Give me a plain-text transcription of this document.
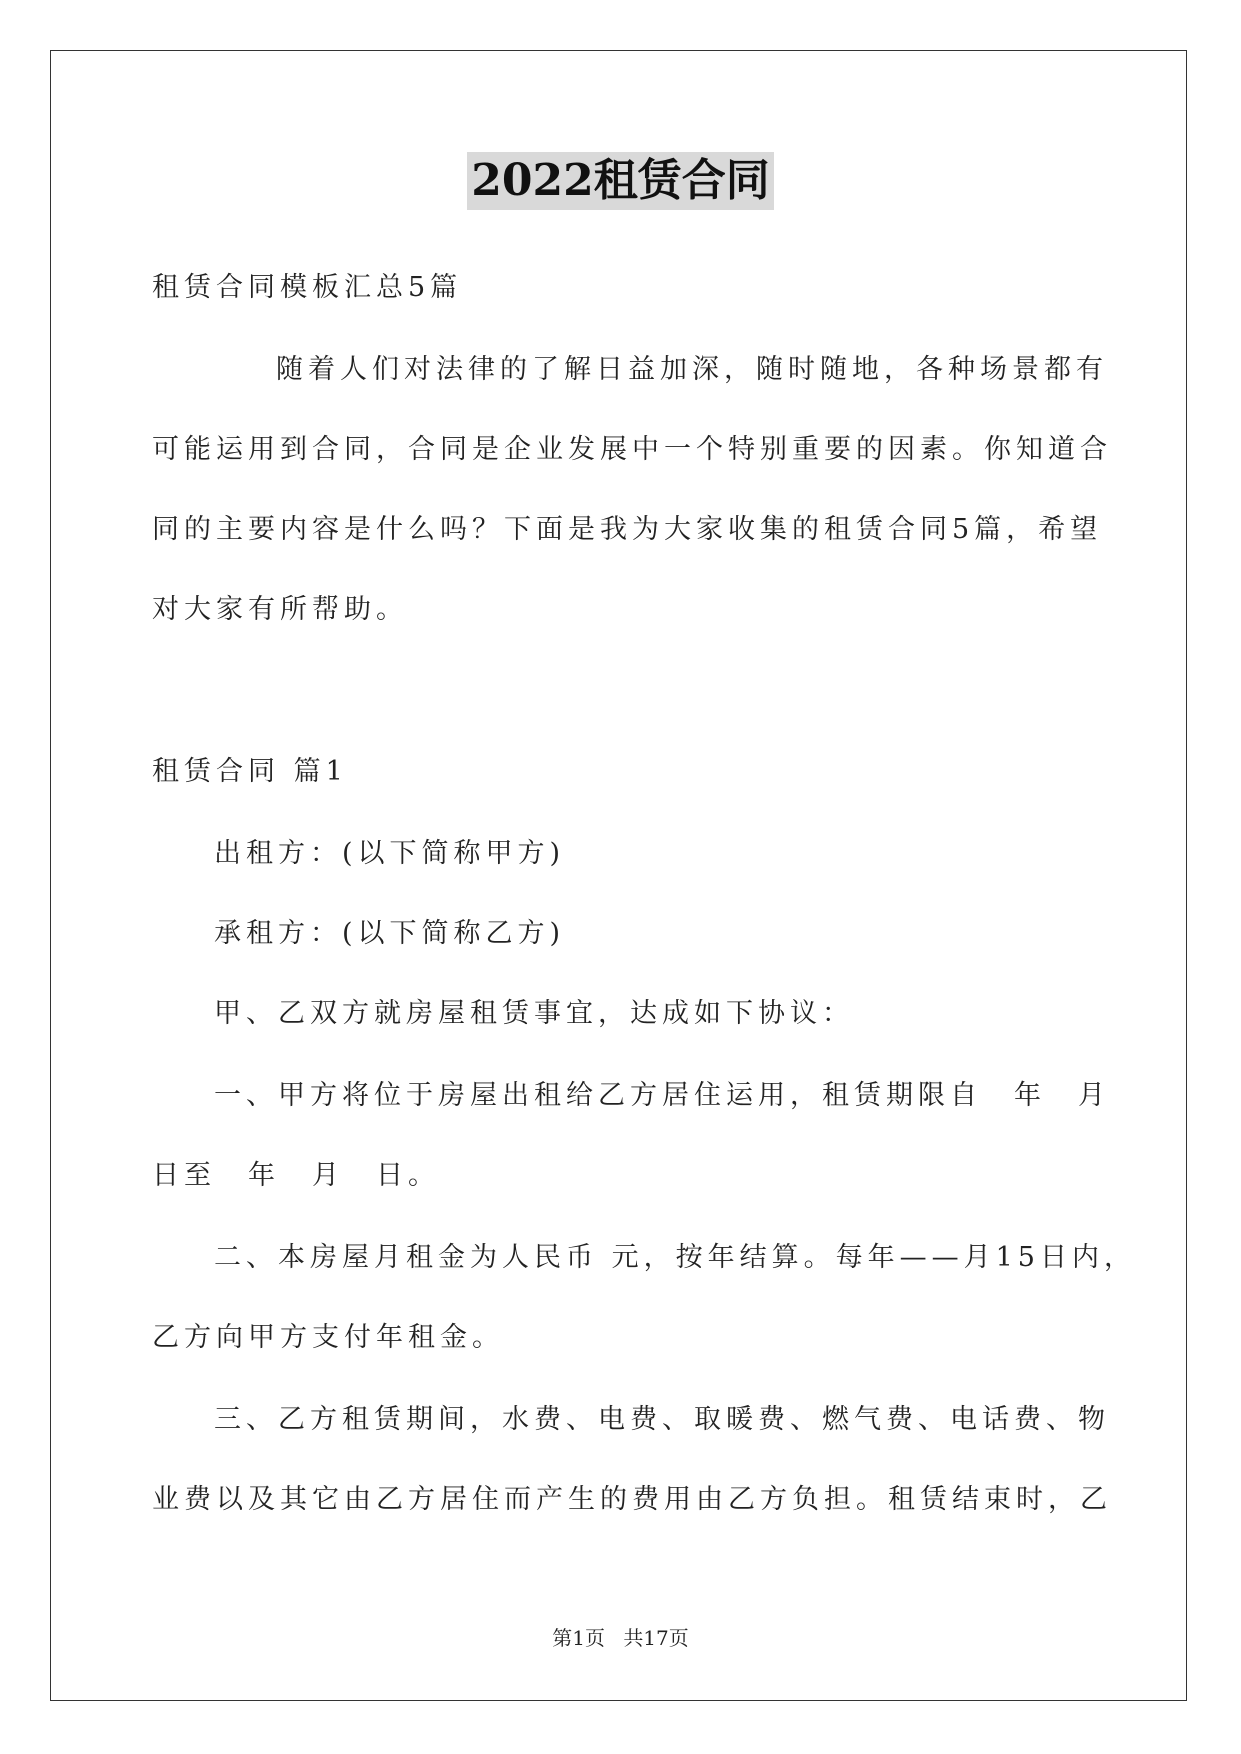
2022租赁合同
租赁合同模板汇总5篇
随着人们对法律的了解日益加深，随时随地，各种场景都有
可能运用到合同，合同是企业发展中一个特别重要的因素。你知道合
同的主要内容是什么吗？下面是我为大家收集的租赁合同5篇，希望
对大家有所帮助。
租赁合同 篇1
出租方：(以下简称甲方)
承租方：(以下简称乙方)
甲、乙双方就房屋租赁事宜，达成如下协议：
一、甲方将位于房屋出租给乙方居住运用，租赁期限自　年　月
日至　年　月　日。
二、本房屋月租金为人民币 元，按年结算。每年——月15日内，
乙方向甲方支付年租金。
三、乙方租赁期间，水费、电费、取暖费、燃气费、电话费、物
业费以及其它由乙方居住而产生的费用由乙方负担。租赁结束时，乙
第1页 共17页
